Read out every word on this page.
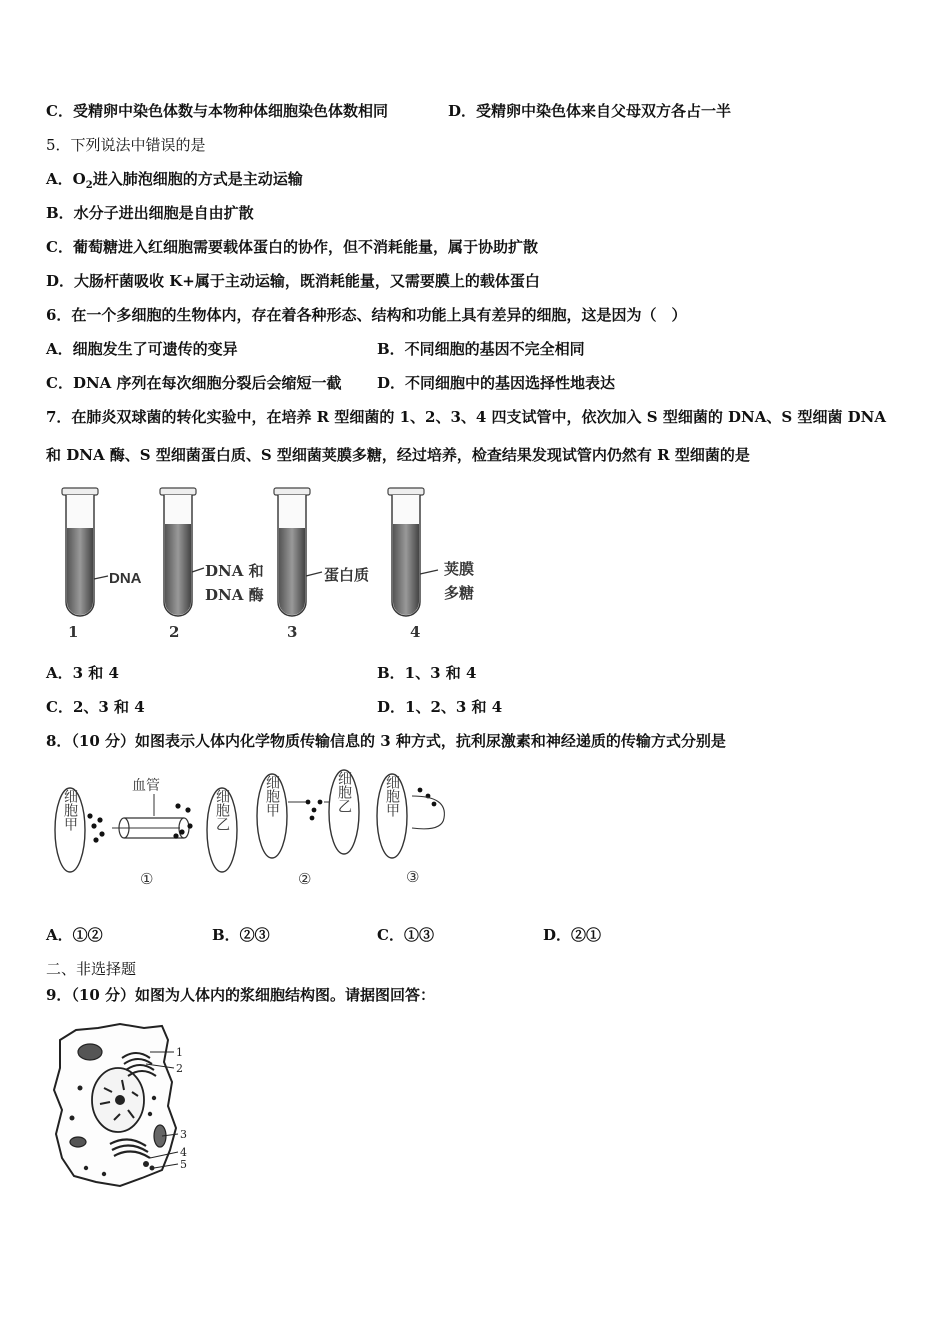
C．受精卵中染色体数与本物种体细胞染色体数相同	D．受精卵中染色体来自父母双方各占一半
5．下列说法中错误的是
A．$O_2$进入肺泡细胞的方式是主动运输
B．水分子进出细胞是自由扩散
C．葡萄糖进入红细胞需要载体蛋白的协作，但不消耗能量，属于协助扩散
D．大肠杆菌吸收 K+属于主动运输，既消耗能量，又需要膜上的载体蛋白
6．在一个多细胞的生物体内，存在着各种形态、结构和功能上具有差异的细胞，这是因为（　）
A．细胞发生了可遗传的变异	B．不同细胞的基因不完全相同
C．DNA 序列在每次细胞分裂后会缩短一截 D．不同细胞中的基因选择性地表达
7．在肺炎双球菌的转化实验中，在培养 R 型细菌的 1、2、3、4 四支试管中，依次加入 S 型细菌的 DNA、S 型细菌 DNA
和 DNA 酶、S 型细菌蛋白质、S 型细菌荚膜多糖，经过培养，检查结果发现试管内仍然有 R 型细菌的是
DNA
1
DNA 和
DNA 酶
2
蛋白质
3
荚膜
多糖
4
A．3 和 4	B．1、3 和 4
C．2、3 和 4	D．1、2、3 和 4
8．（10 分）如图表示人体内化学物质传输信息的 3 种方式，抗利尿激素和神经递质的传输方式分别是
细胞甲
血管
细胞乙
①
细胞甲	细胞乙
②
细胞甲
③
A．①②	B．②③	C．①③	D．②①
二、非选择题
9．（10 分）如图为人体内的浆细胞结构图。请据图回答：
1
2
3
4
5
